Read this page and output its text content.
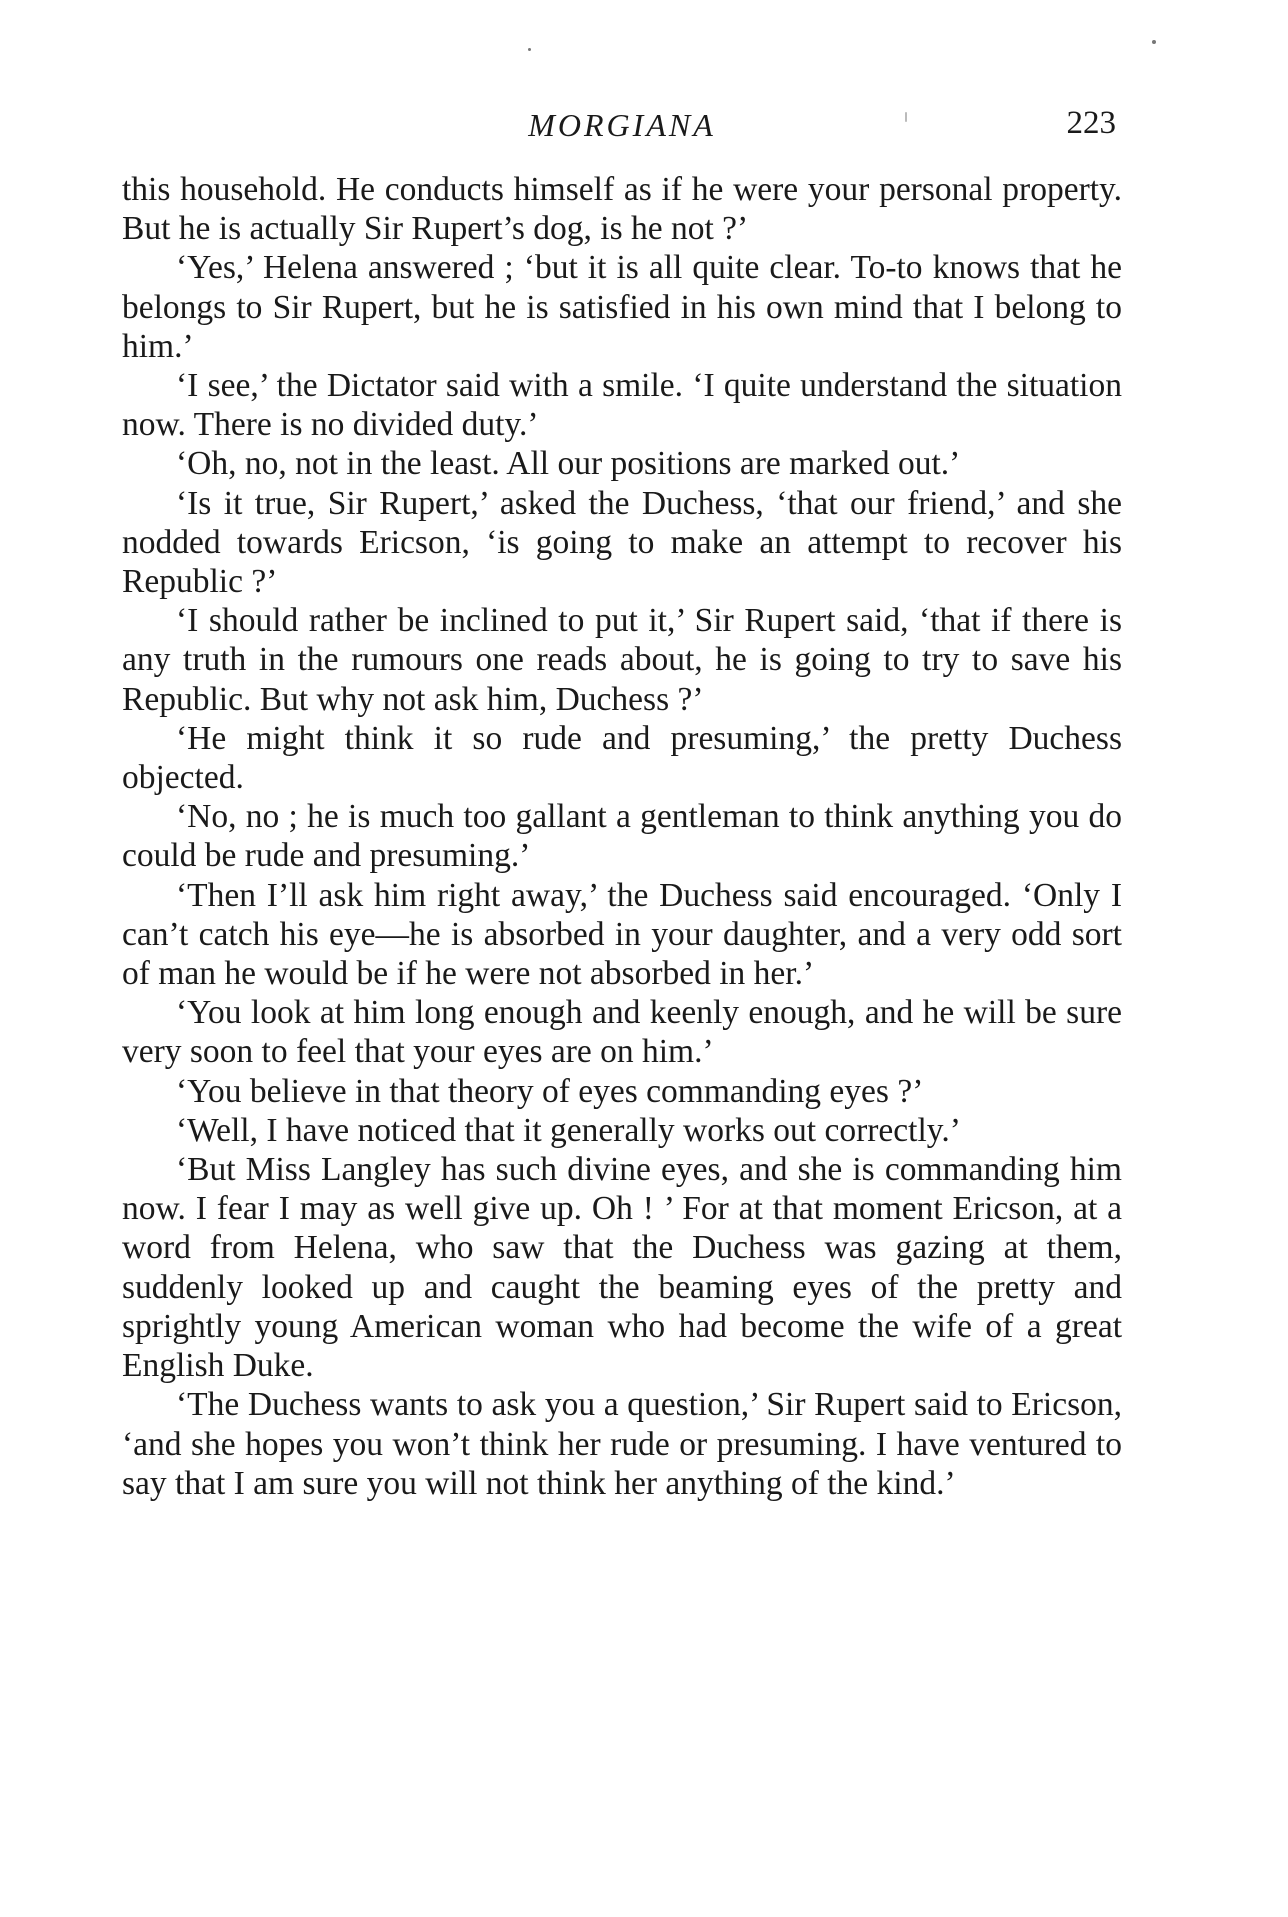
MORGIANA	223

this household. He conducts himself as if he were your personal property. But he is actually Sir Rupert’s dog, is he not ?’

‘Yes,’ Helena answered ; ‘but it is all quite clear. To-to knows that he belongs to Sir Rupert, but he is satisfied in his own mind that I belong to him.’

‘I see,’ the Dictator said with a smile. ‘I quite understand the situation now. There is no divided duty.’

‘Oh, no, not in the least. All our positions are marked out.’

‘Is it true, Sir Rupert,’ asked the Duchess, ‘that our friend,’ and she nodded towards Ericson, ‘is going to make an attempt to recover his Republic ?’

‘I should rather be inclined to put it,’ Sir Rupert said, ‘that if there is any truth in the rumours one reads about, he is going to try to save his Republic. But why not ask him, Duchess ?’

‘He might think it so rude and presuming,’ the pretty Duchess objected.

‘No, no ; he is much too gallant a gentleman to think anything you do could be rude and presuming.’

‘Then I’ll ask him right away,’ the Duchess said encouraged. ‘Only I can’t catch his eye—he is absorbed in your daughter, and a very odd sort of man he would be if he were not absorbed in her.’

‘You look at him long enough and keenly enough, and he will be sure very soon to feel that your eyes are on him.’

‘You believe in that theory of eyes commanding eyes ?’

‘Well, I have noticed that it generally works out correctly.’

‘But Miss Langley has such divine eyes, and she is commanding him now. I fear I may as well give up. Oh ! ’ For at that moment Ericson, at a word from Helena, who saw that the Duchess was gazing at them, suddenly looked up and caught the beaming eyes of the pretty and sprightly young American woman who had become the wife of a great English Duke.

‘The Duchess wants to ask you a question,’ Sir Rupert said to Ericson, ‘and she hopes you won’t think her rude or presuming. I have ventured to say that I am sure you will not think her anything of the kind.’
